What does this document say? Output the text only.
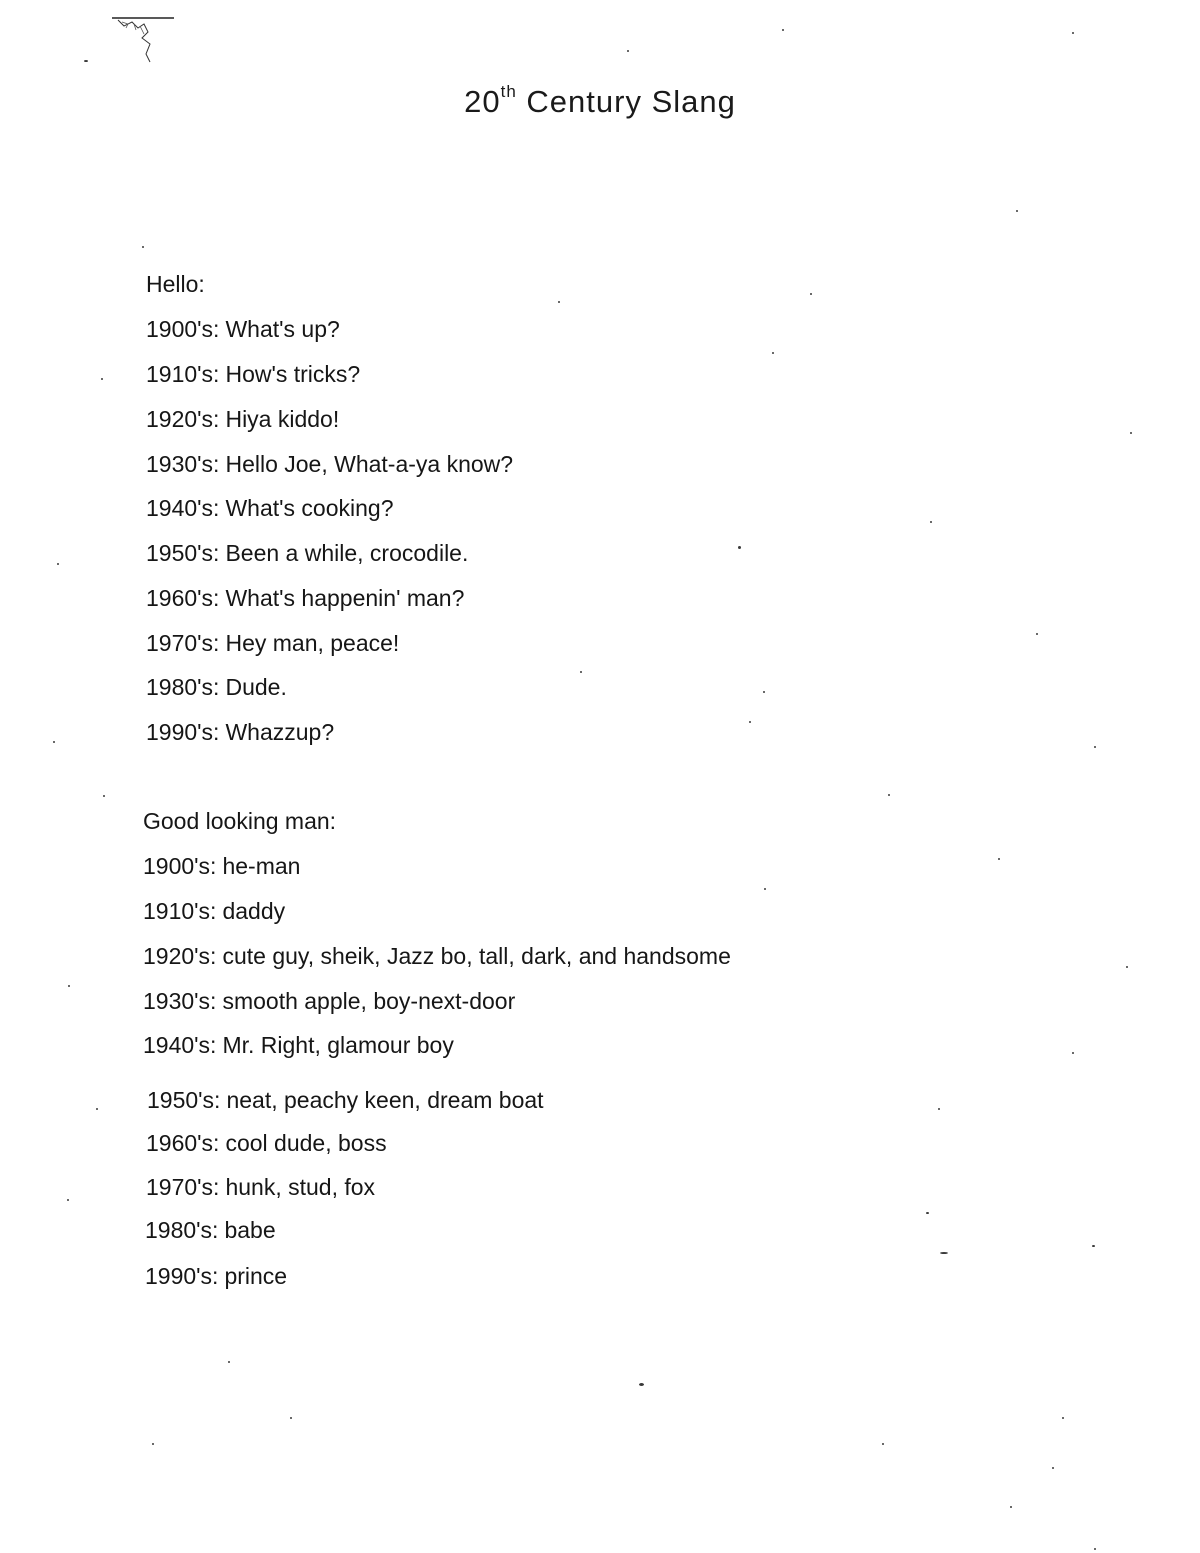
20th Century Slang
Hello:
1900's: What's up?
1910's: How's tricks?
1920's: Hiya kiddo!
1930's: Hello Joe, What-a-ya know?
1940's: What's cooking?
1950's: Been a while, crocodile.
1960's: What's happenin' man?
1970's: Hey man, peace!
1980's: Dude.
1990's: Whazzup?
Good looking man:
1900's: he-man
1910's: daddy
1920's: cute guy, sheik, Jazz bo, tall, dark, and handsome
1930's: smooth apple, boy-next-door
1940's: Mr. Right, glamour boy
1950's: neat, peachy keen, dream boat
1960's: cool dude, boss
1970's: hunk, stud, fox
1980's: babe
1990's: prince
